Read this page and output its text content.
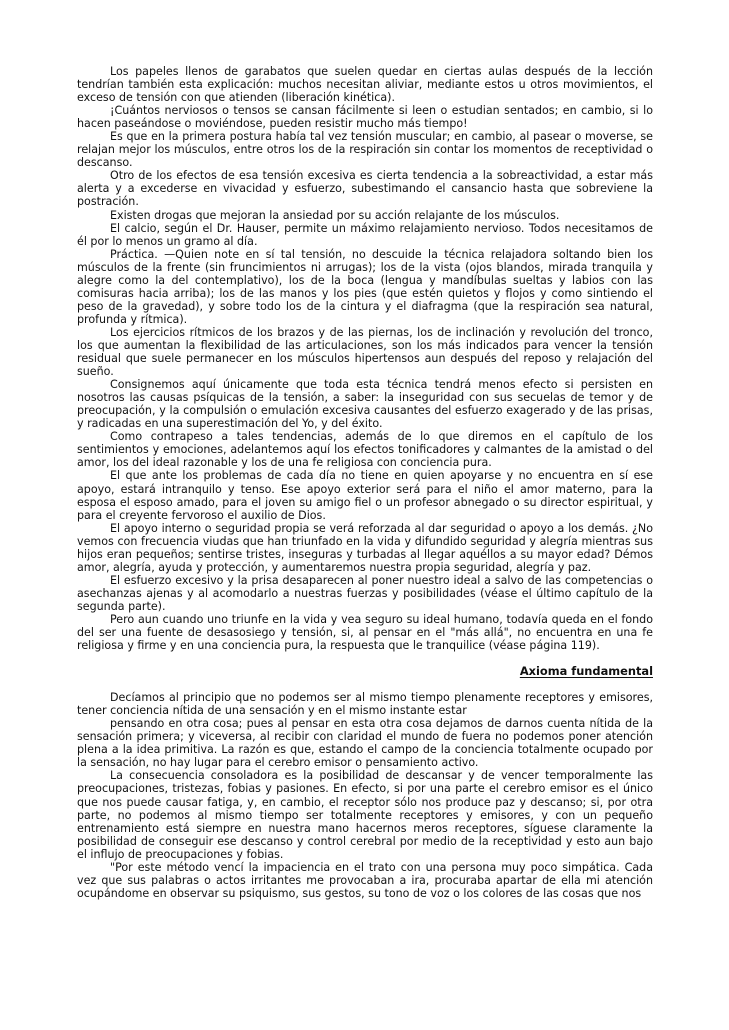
Los papeles llenos de garabatos que suelen quedar en ciertas aulas después de la lección tendrían también esta explicación: muchos necesitan aliviar, mediante estos u otros movimientos, el exceso de tensión con que atienden (liberación kinética).

¡Cuántos nerviosos o tensos se cansan fácilmente si leen o estudian sentados; en cambio, si lo hacen paseándose o moviéndose, pueden resistir mucho más tiempo!

Es que en la primera postura había tal vez tensión muscular; en cambio, al pasear o moverse, se relajan mejor los músculos, entre otros los de la respiración sin contar los momentos de receptividad o descanso.

Otro de los efectos de esa tensión excesiva es cierta tendencia a la sobreactividad, a estar más alerta y a excederse en vivacidad y esfuerzo, subestimando el cansancio hasta que sobreviene la postración.

Existen drogas que mejoran la ansiedad por su acción relajante de los músculos.

El calcio, según el Dr. Hauser, permite un máximo relajamiento nervioso. Todos necesitamos de él por lo menos un gramo al día.

Práctica. —Quien note en sí tal tensión, no descuide la técnica relajadora soltando bien los músculos de la frente (sin fruncimientos ni arrugas); los de la vista (ojos blandos, mirada tranquila y alegre como la del contemplativo), los de la boca (lengua y mandíbulas sueltas y labios con las comisuras hacia arriba); los de las manos y los pies (que estén quietos y flojos y como sintiendo el peso de la gravedad), y sobre todo los de la cintura y el diafragma (que la respiración sea natural, profunda y rítmica).

Los ejercicios rítmicos de los brazos y de las piernas, los de inclinación y revolución del tronco, los que aumentan la flexibilidad de las articulaciones, son los más indicados para vencer la tensión residual que suele permanecer en los músculos hipertensos aun después del reposo y relajación del sueño.

Consignemos aquí únicamente que toda esta técnica tendrá menos efecto si persisten en nosotros las causas psíquicas de la tensión, a saber: la inseguridad con sus secuelas de temor y de preocupación, y la compulsión o emulación excesiva causantes del esfuerzo exagerado y de las prisas, y radicadas en una superestimación del Yo, y del éxito.

Como contrapeso a tales tendencias, además de lo que diremos en el capítulo de los sentimientos y emociones, adelantemos aquí los efectos tonificadores y calmantes de la amistad o del amor, los del ideal razonable y los de una fe religiosa con conciencia pura.

El que ante los problemas de cada día no tiene en quien apoyarse y no encuentra en sí ese apoyo, estará intranquilo y tenso. Ese apoyo exterior será para el niño el amor materno, para la esposa el esposo amado, para el joven su amigo fiel o un profesor abnegado o su director espiritual, y para el creyente fervoroso el auxilio de Dios.

El apoyo interno o seguridad propia se verá reforzada al dar seguridad o apoyo a los demás. ¿No vemos con frecuencia viudas que han triunfado en la vida y difundido seguridad y alegría mientras sus hijos eran pequeños; sentirse tristes, inseguras y turbadas al llegar aquéllos a su mayor edad? Démos amor, alegría, ayuda y protección, y aumentaremos nuestra propia seguridad, alegría y paz.

El esfuerzo excesivo y la prisa desaparecen al poner nuestro ideal a salvo de las competencias o asechanzas ajenas y al acomodarlo a nuestras fuerzas y posibilidades (véase el último capítulo de la segunda parte).

Pero aun cuando uno triunfe en la vida y vea seguro su ideal humano, todavía queda en el fondo del ser una fuente de desasosiego y tensión, si, al pensar en el "más allá", no encuentra en una fe religiosa y firme y en una conciencia pura, la respuesta que le tranquilice (véase página 119).

Axioma fundamental

Decíamos al principio que no podemos ser al mismo tiempo plenamente receptores y emisores, tener conciencia nítida de una sensación y en el mismo instante estar

pensando en otra cosa; pues al pensar en esta otra cosa dejamos de darnos cuenta nítida de la sensación primera; y viceversa, al recibir con claridad el mundo de fuera no podemos poner atención plena a la idea primitiva. La razón es que, estando el campo de la conciencia totalmente ocupado por la sensación, no hay lugar para el cerebro emisor o pensamiento activo.

La consecuencia consoladora es la posibilidad de descansar y de vencer temporalmente las preocupaciones, tristezas, fobias y pasiones. En efecto, si por una parte el cerebro emisor es el único que nos puede causar fatiga, y, en cambio, el receptor sólo nos produce paz y descanso; si, por otra parte, no podemos al mismo tiempo ser totalmente receptores y emisores, y con un pequeño entrenamiento está siempre en nuestra mano hacernos meros receptores, síguese claramente la posibilidad de conseguir ese descanso y control cerebral por medio de la receptividad y esto aun bajo el influjo de preocupaciones y fobias.

"Por este método vencí la impaciencia en el trato con una persona muy poco simpática. Cada vez que sus palabras o actos irritantes me provocaban a ira, procuraba apartar de ella mi atención ocupándome en observar su psiquismo, sus gestos, su tono de voz o los colores de las cosas que nos
